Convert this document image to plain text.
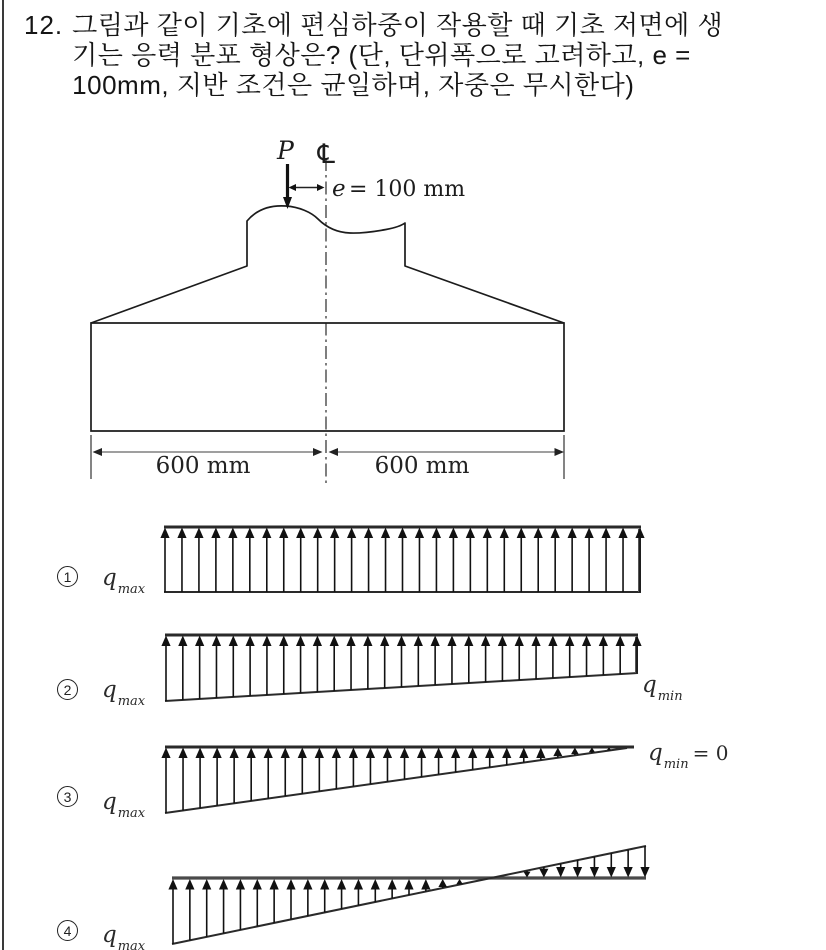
12. 그림과 같이 기초에 편심하중이 작용할 때 기초 저면에 생
기는 응력 분포 형상은? (단, 단위폭으로 고려하고, e =
100mm, 지반 조건은 균일하며, 자중은 무시한다)
P ℄
e = 100 mm
600 mm	600 mm
1 $q_{max}$
2 $q_{max}$
$q_{min}$
3 $q_{max}$
$q_{min} = 0$
4 $q_{max}$
